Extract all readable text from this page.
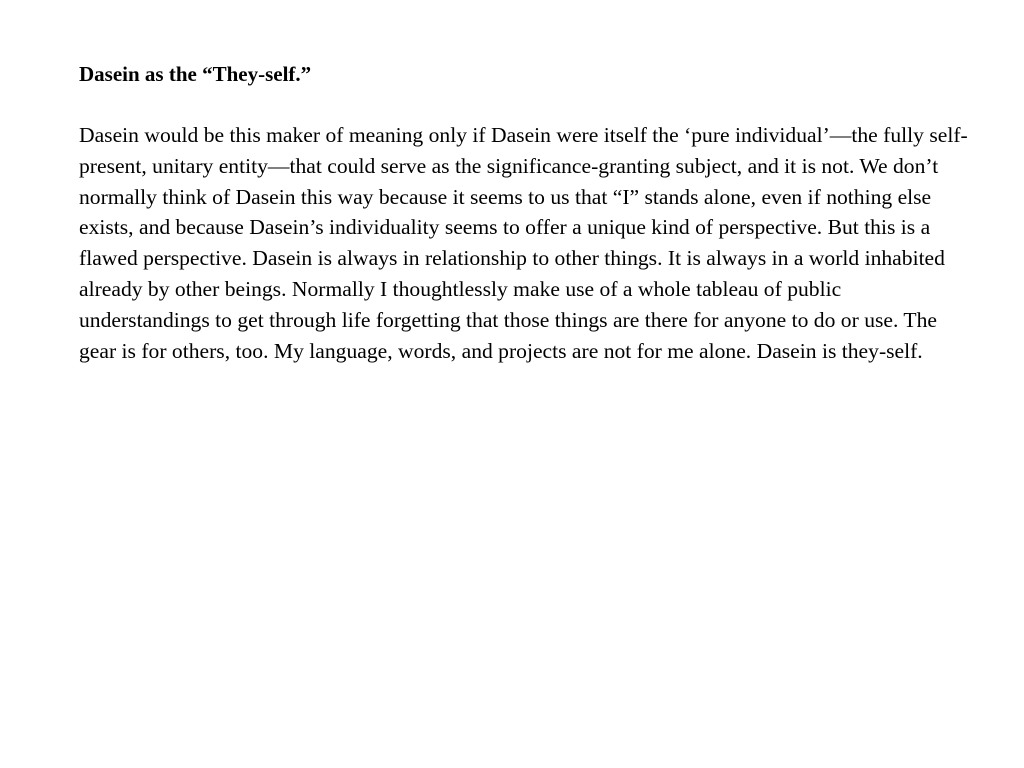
Dasein as the “They-self.”

Dasein would be this maker of meaning only if Dasein were itself the ‘pure individual’—the fully self-present, unitary entity—that could serve as the significance-granting subject, and it is not. We don’t normally think of Dasein this way because it seems to us that “I” stands alone, even if nothing else exists, and because Dasein’s individuality seems to offer a unique kind of perspective. But this is a flawed perspective. Dasein is always in relationship to other things. It is always in a world inhabited already by other beings. Normally I thoughtlessly make use of a whole tableau of public understandings to get through life forgetting that those things are there for anyone to do or use. The gear is for others, too. My language, words, and projects are not for me alone. Dasein is they-self.
